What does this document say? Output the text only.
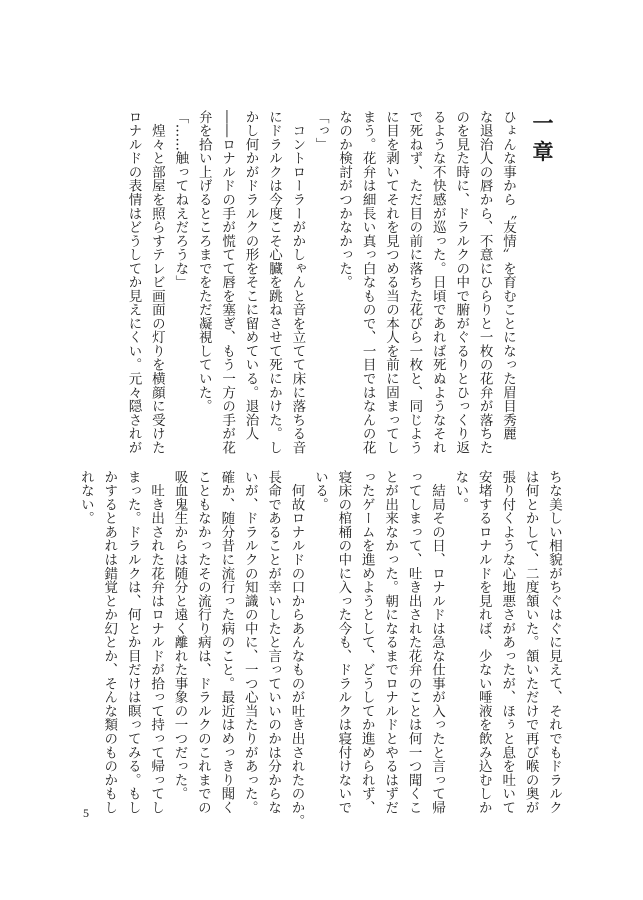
一章

ひょんな事から〝友情〟を育むことになった眉目秀麗

な退治人の唇から、不意にひらりと一枚の花弁が落ちた

のを見た時に、ドラルクの中で腑がぐるりとひっくり返

るような不快感が巡った。日頃であれば死ぬようなそれ

で死ねず、ただ目の前に落ちた花びら一枚と、同じよう

に目を剥いてそれを見つめる当の本人を前に固まってし

まう。花弁は細長い真っ白なもので、一目ではなんの花

なのか検討がつかなかった。

「っ」

　コントローラーがかしゃんと音を立てて床に落ちる音

にドラルクは今度こそ心臓を跳ねさせて死にかけた。し

かし何かがドラルクの形をそこに留めている。退治人

――ロナルドの手が慌てて唇を塞ぎ、もう一方の手が花

弁を拾い上げるところまでをただ凝視していた。

「……触ってねえだろうな」

　煌々と部屋を照らすテレビ画面の灯りを横顔に受けた

ロナルドの表情はどうしてか見えにくい。元々隠されが

ちな美しい相貌がちぐはぐに見えて、それでもドラルク

は何とかして、二度頷いた。頷いただけで再び喉の奥が

張り付くような心地悪さがあったが、ほぅと息を吐いて

安堵するロナルドを見れば、少ない唾液を飲み込むしか

ない。

　結局その日、ロナルドは急な仕事が入ったと言って帰

ってしまって、吐き出された花弁のことは何一つ聞くこ

とが出来なかった。朝になるまでロナルドとやるはずだ

ったゲームを進めようとして、どうしてか進められず、

寝床の棺桶の中に入った今も、ドラルクは寝付けないで

いる。

　何故ロナルドの口からあんなものが吐き出されたのか。

長命であることが幸いしたと言っていいのかは分からな

いが、ドラルクの知識の中に、一つ心当たりがあった。

確か、随分昔に流行った病のこと。最近はめっきり聞く

こともなかったその流行り病は、ドラルクのこれまでの

吸血鬼生からは随分と遠く離れた事象の一つだった。

　吐き出された花弁はロナルドが拾って持って帰ってし

まった。ドラルクは、何とか目だけは瞑ってみる。もし

かするとあれは錯覚とか幻とか、そんな類のものかもし

れない。

5
